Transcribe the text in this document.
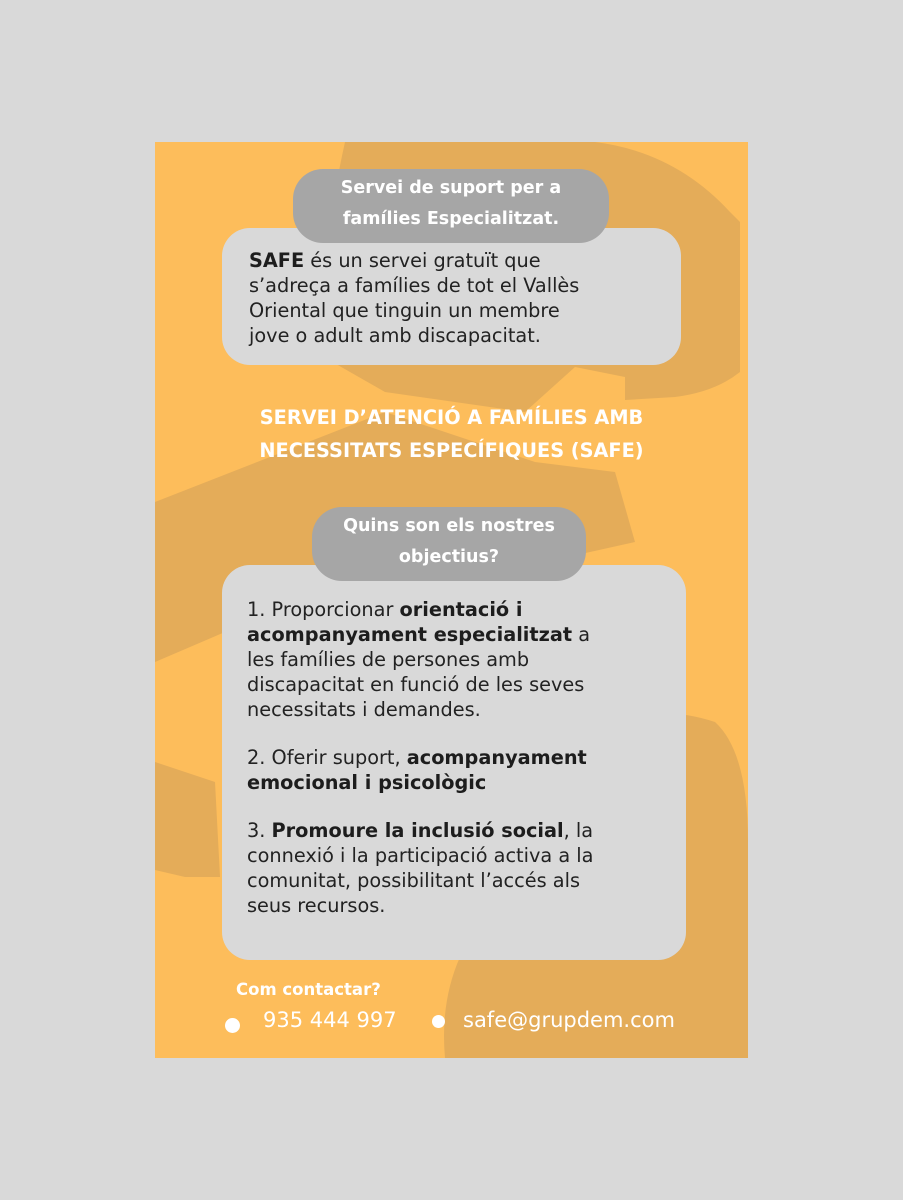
Servei de suport per a
famílies Especialitzat.

SAFE és un servei gratuït que
s’adreça a famílies de tot el Vallès
Oriental que tinguin un membre
jove o adult amb discapacitat.

SERVEI D’ATENCIÓ A FAMÍLIES AMB
NECESSITATS ESPECÍFIQUES (SAFE)
Quins son els nostres
objectius?

1. Proporcionar orientació i
acompanyament especialitzat a
les famílies de persones amb
discapacitat en funció de les seves
necessitats i demandes.

2. Oferir suport, acompanyament
emocional i psicològic

3. Promoure la inclusió social, la
connexió i la participació activa a la
comunitat, possibilitant l’accés als
seus recursos.

Com contactar?
935 444 997	safe@grupdem.com
